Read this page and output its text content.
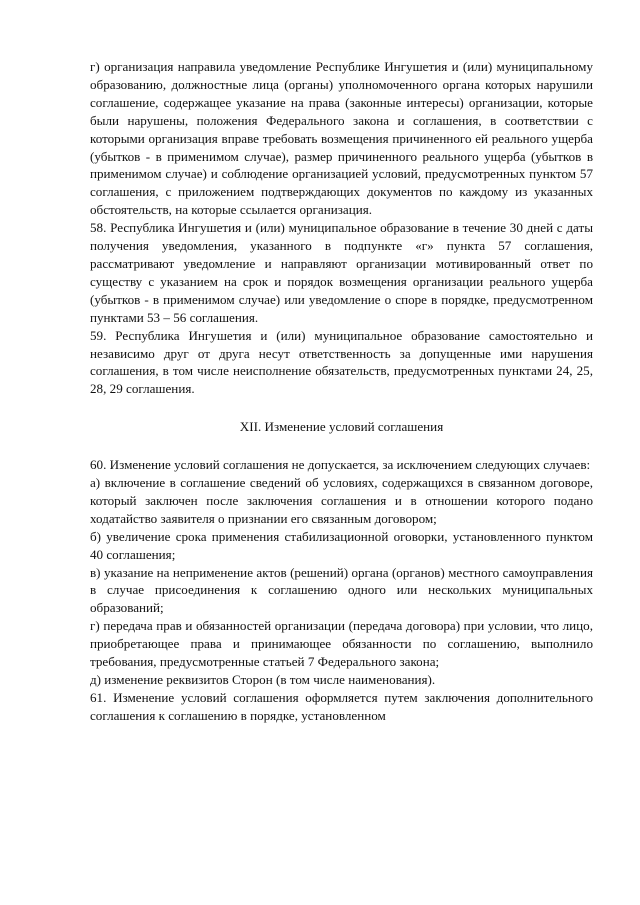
г) организация направила уведомление Республике Ингушетия и (или) муниципальному образованию, должностные лица (органы) уполномоченного органа которых нарушили соглашение, содержащее указание на права (законные интересы) организации, которые были нарушены, положения Федерального закона и соглашения, в соответствии с которыми организация вправе требовать возмещения причиненного ей реального ущерба (убытков - в применимом случае), размер причиненного реального ущерба (убытков в применимом случае) и соблюдение организацией условий, предусмотренных пунктом 57 соглашения, с приложением подтверждающих документов по каждому из указанных обстоятельств, на которые ссылается организация.

58. Республика Ингушетия и (или) муниципальное образование в течение 30 дней с даты получения уведомления, указанного в подпункте «г» пункта 57 соглашения, рассматривают уведомление и направляют организации мотивированный ответ по существу с указанием на срок и порядок возмещения организации реального ущерба (убытков - в применимом случае) или уведомление о споре в порядке, предусмотренном пунктами 53 – 56 соглашения.

59. Республика Ингушетия и (или) муниципальное образование самостоятельно и независимо друг от друга несут ответственность за допущенные ими нарушения соглашения, в том числе неисполнение обязательств, предусмотренных пунктами 24, 25, 28, 29 соглашения.

XII. Изменение условий соглашения

60. Изменение условий соглашения не допускается, за исключением следующих случаев:

а) включение в соглашение сведений об условиях, содержащихся в связанном договоре, который заключен после заключения соглашения и в отношении которого подано ходатайство заявителя о признании его связанным договором;

б) увеличение срока применения стабилизационной оговорки, установленного пунктом 40 соглашения;

в) указание на неприменение актов (решений) органа (органов) местного самоуправления в случае присоединения к соглашению одного или нескольких муниципальных образований;

г) передача прав и обязанностей организации (передача договора) при условии, что лицо, приобретающее права и принимающее обязанности по соглашению, выполнило требования, предусмотренные статьей 7 Федерального закона;

д) изменение реквизитов Сторон (в том числе наименования).

61. Изменение условий соглашения оформляется путем заключения дополнительного соглашения к соглашению в порядке, установленном
